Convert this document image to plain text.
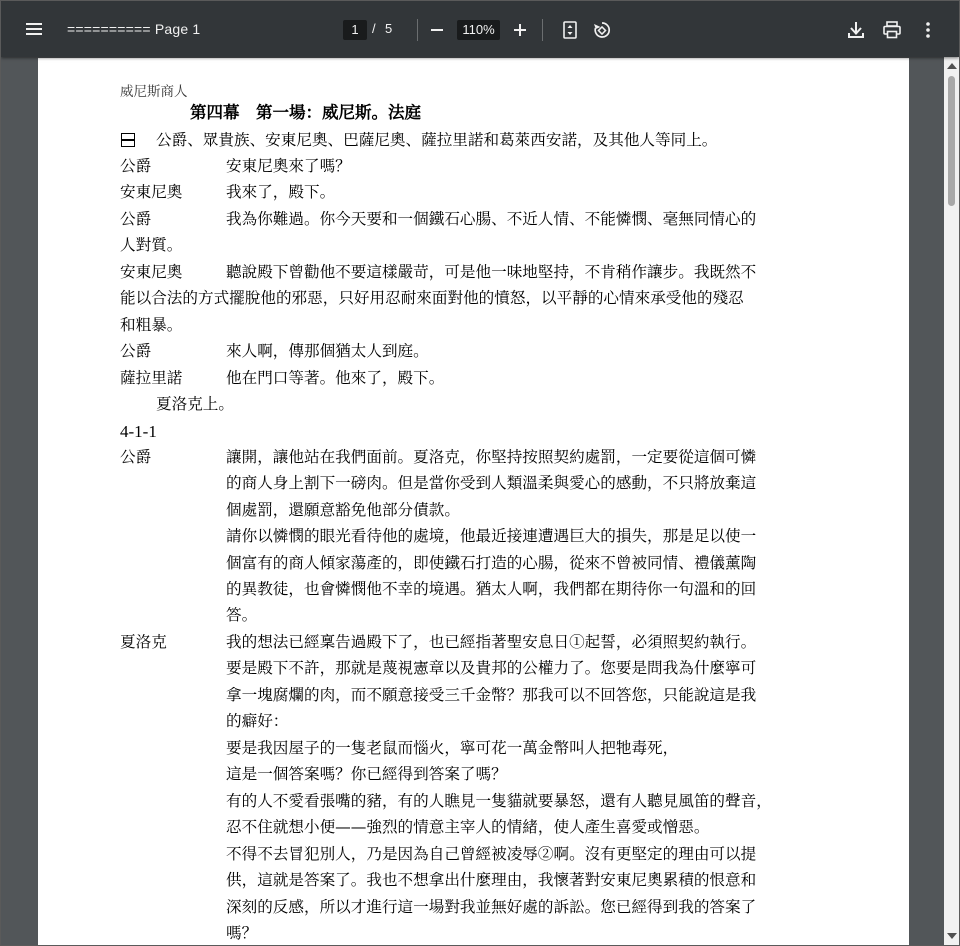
========== Page 1	1	/ 5	110%
威尼斯商人
第四幕　第一場：威尼斯。法庭
公爵、眾貴族、安東尼奧、巴薩尼奧、薩拉里諾和葛萊西安諾，及其他人等同上。
公爵	安東尼奧來了嗎？
安東尼奧	我來了，殿下。
公爵	我為你難過。你今天要和一個鐵石心腸、不近人情、不能憐憫、毫無同情心的
人對質。
安東尼奧	聽說殿下曾勸他不要這樣嚴苛，可是他一味地堅持，不肯稍作讓步。我既然不
能以合法的方式擺脫他的邪惡，只好用忍耐來面對他的憤怒，以平靜的心情來承受他的殘忍
和粗暴。
公爵	來人啊，傳那個猶太人到庭。
薩拉里諾	他在門口等著。他來了，殿下。
夏洛克上。
4-1-1
公爵	讓開，讓他站在我們面前。夏洛克，你堅持按照契約處罰，一定要從這個可憐
的商人身上割下一磅肉。但是當你受到人類溫柔與愛心的感動，不只將放棄這
個處罰，還願意豁免他部分債款。
請你以憐憫的眼光看待他的處境，他最近接連遭遇巨大的損失，那是足以使一
個富有的商人傾家蕩產的，即使鐵石打造的心腸，從來不曾被同情、禮儀薰陶
的異教徒，也會憐憫他不幸的境遇。猶太人啊，我們都在期待你一句溫和的回
答。
夏洛克	我的想法已經稟告過殿下了，也已經指著聖安息日①起誓，必須照契約執行。
要是殿下不許，那就是蔑視憲章以及貴邦的公權力了。您要是問我為什麼寧可
拿一塊腐爛的肉，而不願意接受三千金幣？那我可以不回答您，只能說這是我
的癖好：
要是我因屋子的一隻老鼠而惱火，寧可花一萬金幣叫人把牠毒死，
這是一個答案嗎？你已經得到答案了嗎？
有的人不愛看張嘴的豬，有的人瞧見一隻貓就要暴怒，還有人聽見風笛的聲音，
忍不住就想小便——強烈的情意主宰人的情緒，使人產生喜愛或憎惡。
不得不去冒犯別人，乃是因為自己曾經被凌辱②啊。沒有更堅定的理由可以提
供，這就是答案了。我也不想拿出什麼理由，我懷著對安東尼奧累積的恨意和
深刻的反感，所以才進行這一場對我並無好處的訴訟。您已經得到我的答案了
嗎？
